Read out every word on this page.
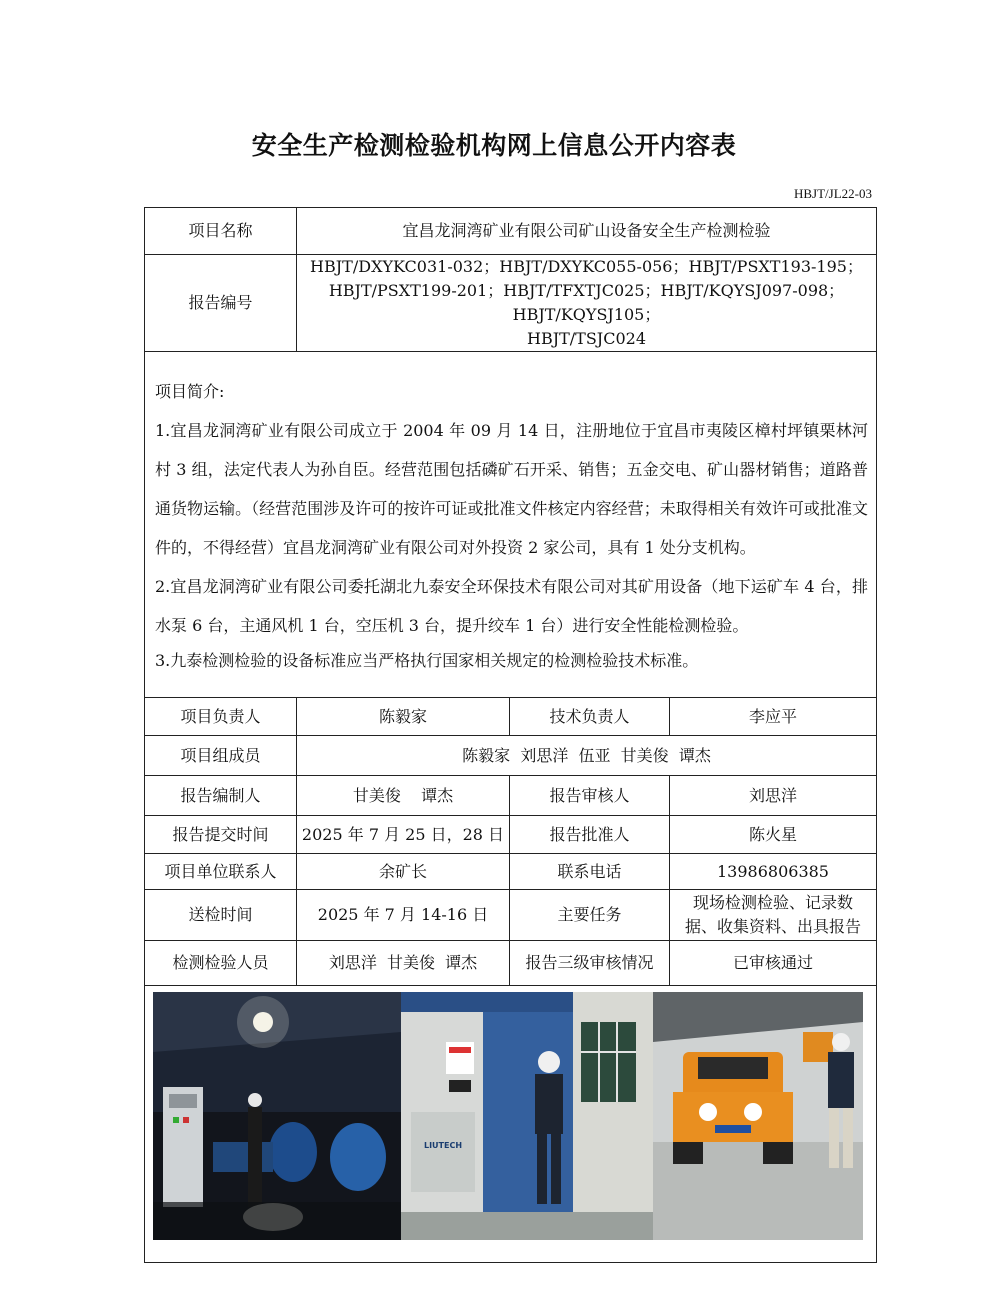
安全生产检测检验机构网上信息公开内容表
HBJT/JL22-03
项目名称	宜昌龙洞湾矿业有限公司矿山设备安全生产检测检验		
报告编号	HBJT/DXYKC031-032；HBJT/DXYKC055-056；HBJT/PSXT193-195；
HBJT/PSXT199-201；HBJT/TFXTJC025；HBJT/KQYSJ097-098；HBJT/KQYSJ105；
HBJT/TSJC024		

项目简介:

1.宜昌龙洞湾矿业有限公司成立于 2004 年 09 月 14 日，注册地位于宜昌市夷陵区樟村坪镇栗林河村 3 组，法定代表人为孙自臣。经营范围包括磷矿石开采、销售；五金交电、矿山器材销售；道路普通货物运输。（经营范围涉及许可的按许可证或批准文件核定内容经营；未取得相关有效许可或批准文件的，不得经营）宜昌龙洞湾矿业有限公司对外投资 2 家公司，具有 1 处分支机构。

2.宜昌龙洞湾矿业有限公司委托湖北九泰安全环保技术有限公司对其矿用设备（地下运矿车 4 台，排水泵 6 台，主通风机 1 台，空压机 3 台，提升绞车 1 台）进行安全性能检测检验。

3.九泰检测检验的设备标准应当严格执行国家相关规定的检测检验技术标准。			

项目负责人	陈毅家	技术负责人	李应平
项目组成员	陈毅家  刘思洋  伍亚  甘美俊  谭杰		
报告编制人	甘美俊    谭杰	报告审核人	刘思洋
报告提交时间	2025 年 7 月 25 日，28 日	报告批准人	陈火星
项目单位联系人	余矿长	联系电话	13986806385
送检时间	2025 年 7 月 14-16 日	主要任务	现场检测检验、记录数
据、收集资料、出具报告

检测检验人员	刘思洋  甘美俊  谭杰	报告三级审核情况	已审核通过

LIUTECH			
